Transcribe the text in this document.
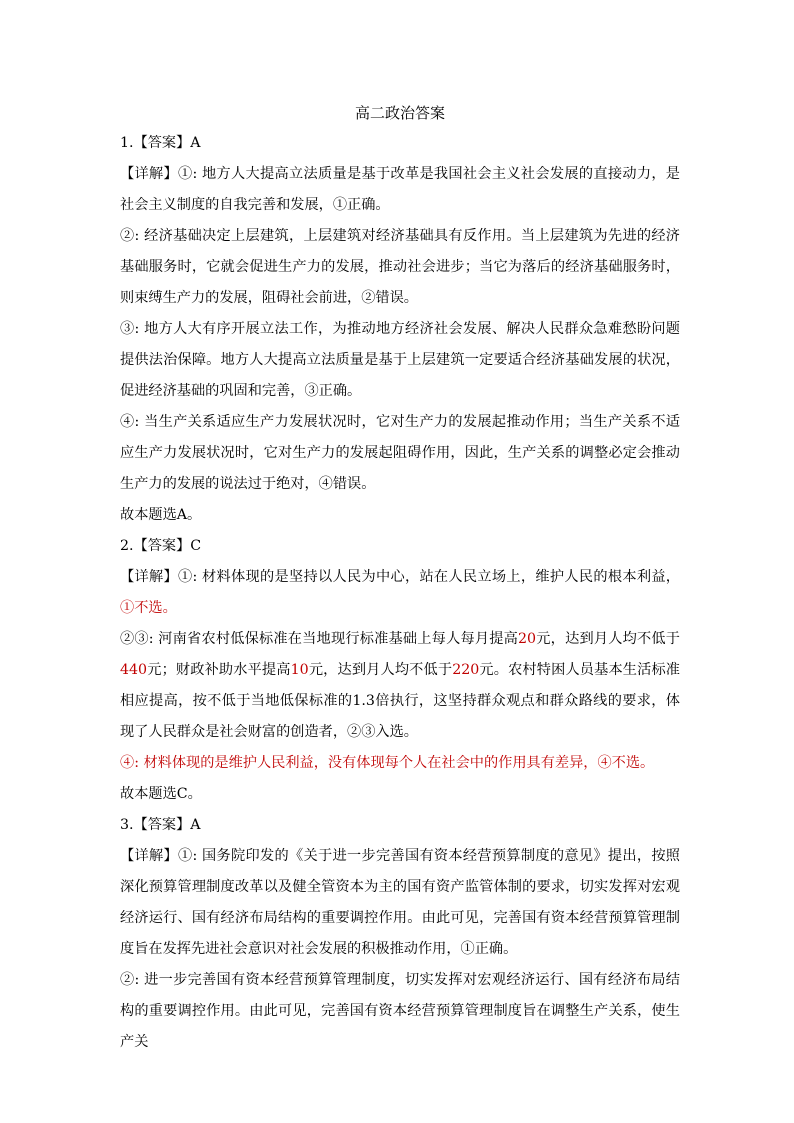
高二政治答案

1.【答案】A

【详解】①: 地方人大提高立法质量是基于改革是我国社会主义社会发展的直接动力，是社会主义制度的自我完善和发展，①正确。

②: 经济基础决定上层建筑，上层建筑对经济基础具有反作用。当上层建筑为先进的经济基础服务时，它就会促进生产力的发展，推动社会进步；当它为落后的经济基础服务时，则束缚生产力的发展，阻碍社会前进，②错误。

③: 地方人大有序开展立法工作，为推动地方经济社会发展、解决人民群众急难愁盼问题提供法治保障。地方人大提高立法质量是基于上层建筑一定要适合经济基础发展的状况，促进经济基础的巩固和完善，③正确。

④: 当生产关系适应生产力发展状况时，它对生产力的发展起推动作用；当生产关系不适应生产力发展状况时，它对生产力的发展起阻碍作用，因此，生产关系的调整必定会推动生产力的发展的说法过于绝对，④错误。

故本题选A。

2.【答案】C

【详解】①: 材料体现的是坚持以人民为中心，站在人民立场上，维护人民的根本利益，①不选。

②③: 河南省农村低保标准在当地现行标准基础上每人每月提高20元，达到月人均不低于440元；财政补助水平提高10元，达到月人均不低于220元。农村特困人员基本生活标准相应提高，按不低于当地低保标准的1.3倍执行，这坚持群众观点和群众路线的要求，体现了人民群众是社会财富的创造者，②③入选。

④: 材料体现的是维护人民利益，没有体现每个人在社会中的作用具有差异，④不选。

故本题选C。

3.【答案】A

【详解】①: 国务院印发的《关于进一步完善国有资本经营预算制度的意见》提出，按照深化预算管理制度改革以及健全管资本为主的国有资产监管体制的要求，切实发挥对宏观经济运行、国有经济布局结构的重要调控作用。由此可见，完善国有资本经营预算管理制度旨在发挥先进社会意识对社会发展的积极推动作用，①正确。

②: 进一步完善国有资本经营预算管理制度，切实发挥对宏观经济运行、国有经济布局结构的重要调控作用。由此可见，完善国有资本经营预算管理制度旨在调整生产关系，使生产关
